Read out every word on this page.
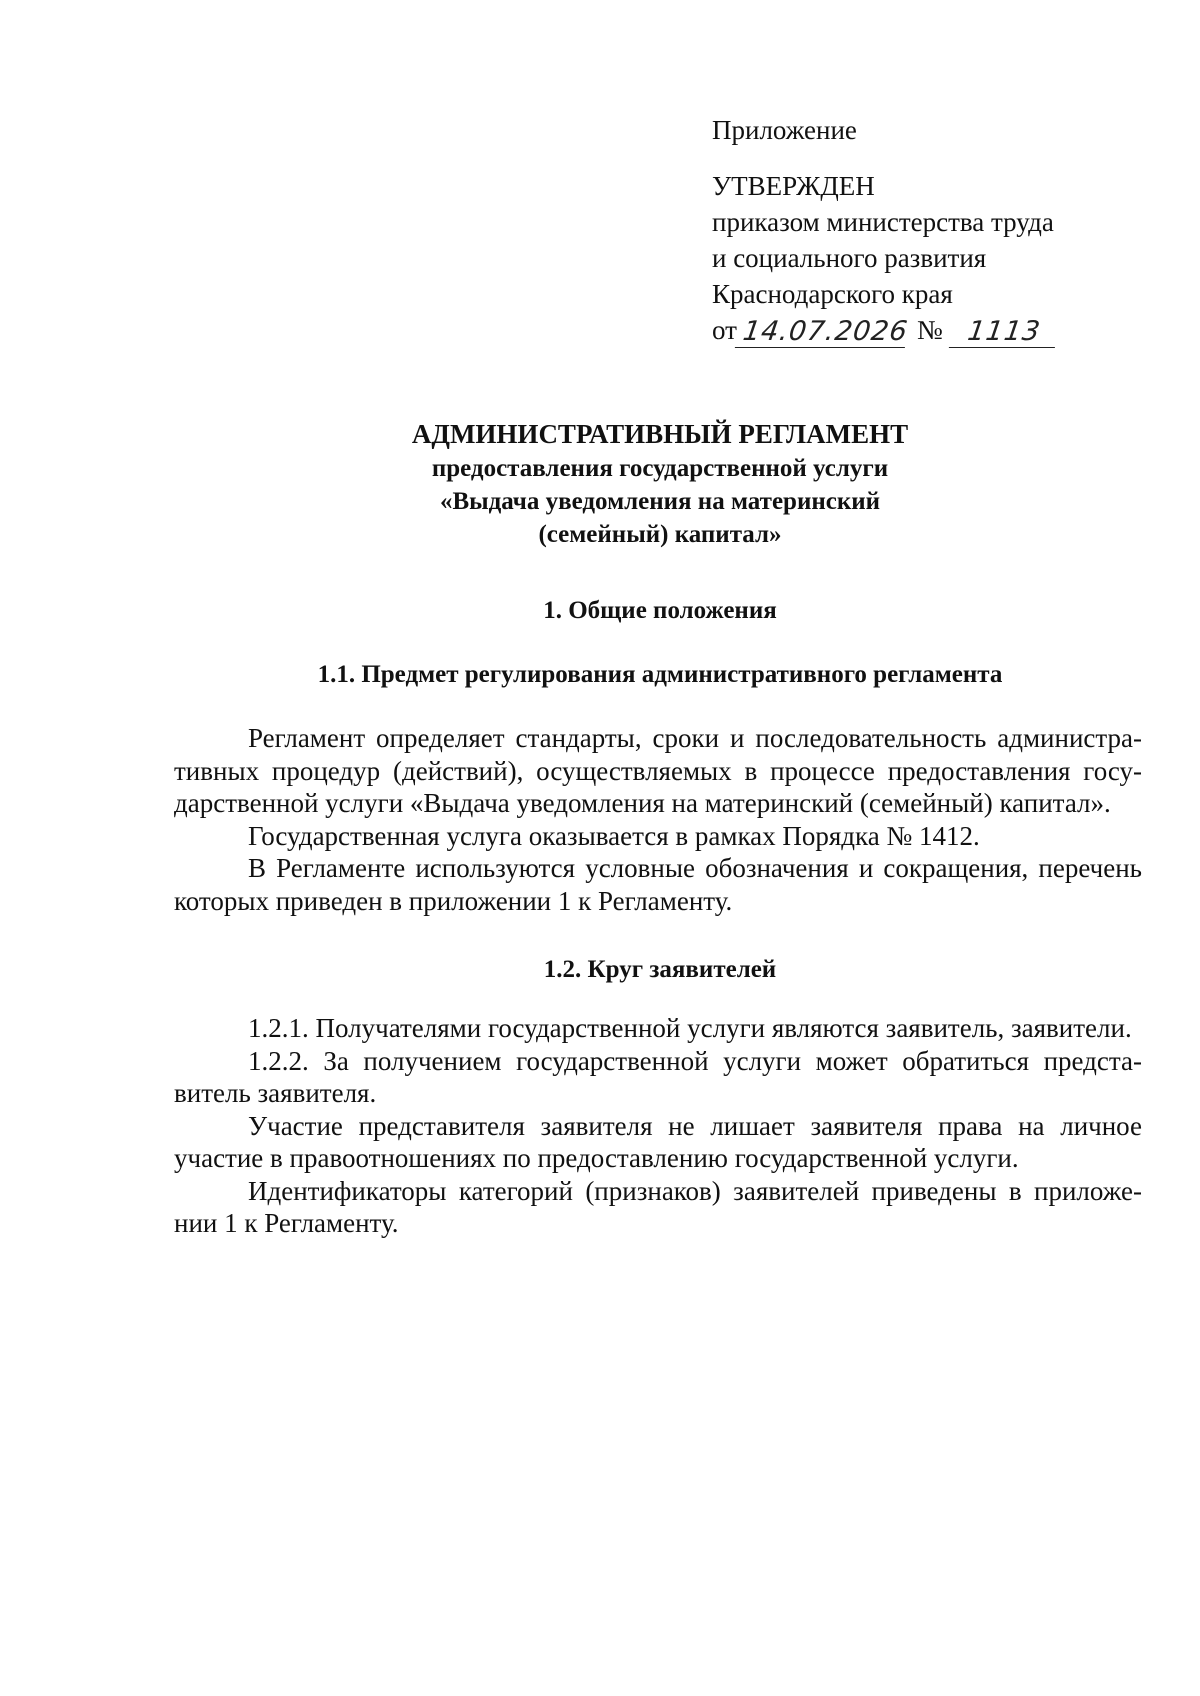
Приложение
УТВЕРЖДЕН
приказом министерства труда
и социального развития
Краснодарского края
от 14.07.2026 № 1113
АДМИНИСТРАТИВНЫЙ РЕГЛАМЕНТ
предоставления государственной услуги
«Выдача уведомления на материнский
(семейный) капитал»
1. Общие положения
1.1. Предмет регулирования административного регламента

Регламент определяет стандарты, сроки и последовательность административных процедур (действий), осуществляемых в процессе предоставления государственной услуги «Выдача уведомления на материнский (семейный) капитал».

Государственная услуга оказывается в рамках Порядка № 1412.

В Регламенте используются условные обозначения и сокращения, перечень которых приведен в приложении 1 к Регламенту.

1.2. Круг заявителей

1.2.1. Получателями государственной услуги являются заявитель, заявители.

1.2.2. За получением государственной услуги может обратиться представитель заявителя.

Участие представителя заявителя не лишает заявителя права на личное участие в правоотношениях по предоставлению государственной услуги.

Идентификаторы категорий (признаков) заявителей приведены в приложении 1 к Регламенту.
